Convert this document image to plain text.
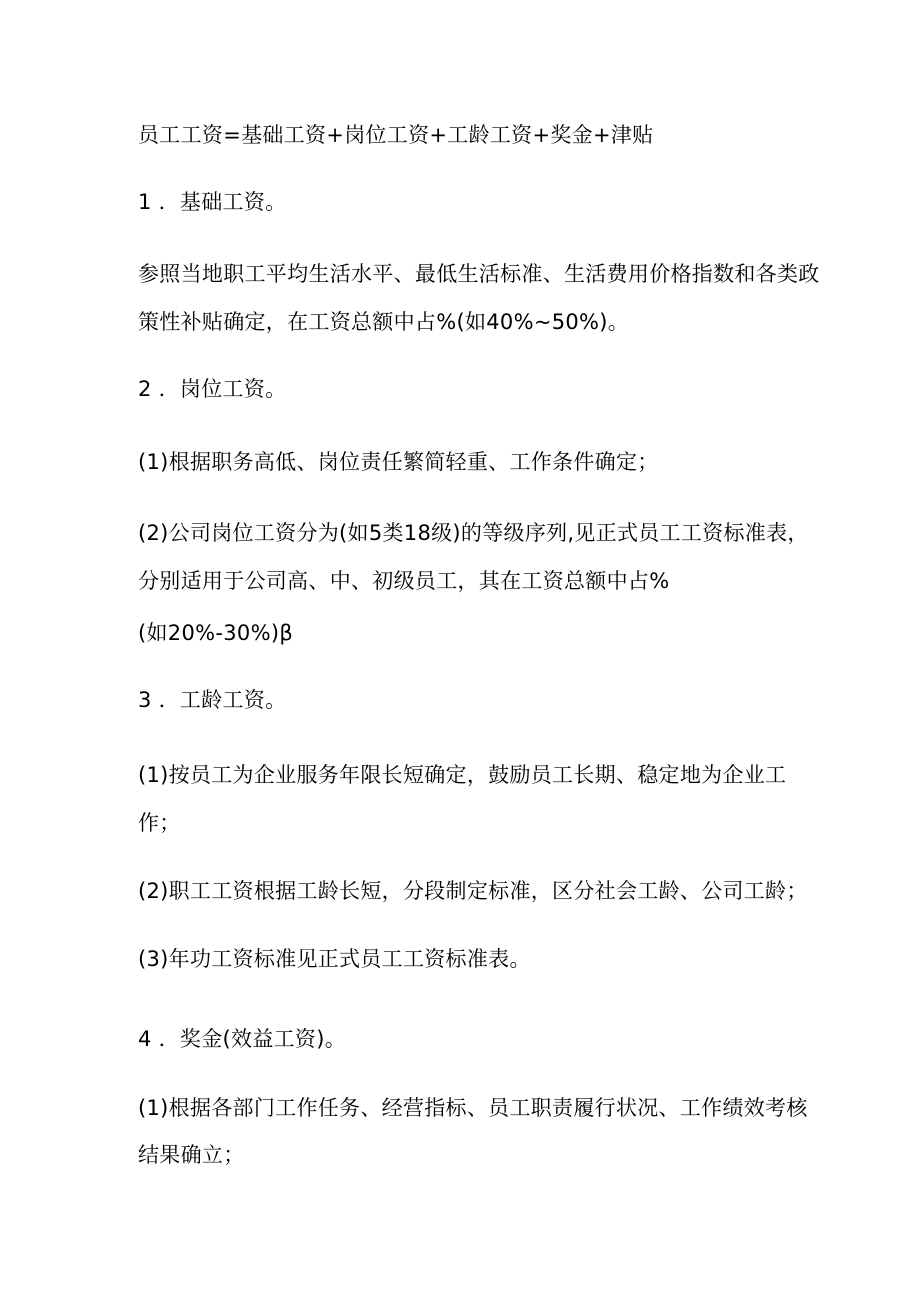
员工工资=基础工资+岗位工资+工龄工资+奖金+津贴
1 ．基础工资。
参照当地职工平均生活水平、最低生活标准、生活费用价格指数和各类政
策性补贴确定，在工资总额中占%(如40%~50%)。
2 ．岗位工资。
(1)根据职务高低、岗位责任繁简轻重、工作条件确定；
(2)公司岗位工资分为(如5类18级)的等级序列,见正式员工工资标准表，
分别适用于公司高、中、初级员工，其在工资总额中占%
(如20%-30%)β
3 ．工龄工资。
(1)按员工为企业服务年限长短确定，鼓励员工长期、稳定地为企业工
作；
(2)职工工资根据工龄长短，分段制定标准，区分社会工龄、公司工龄；
(3)年功工资标准见正式员工工资标准表。
4 ．奖金(效益工资)。
(1)根据各部门工作任务、经营指标、员工职责履行状况、工作绩效考核
结果确立；
